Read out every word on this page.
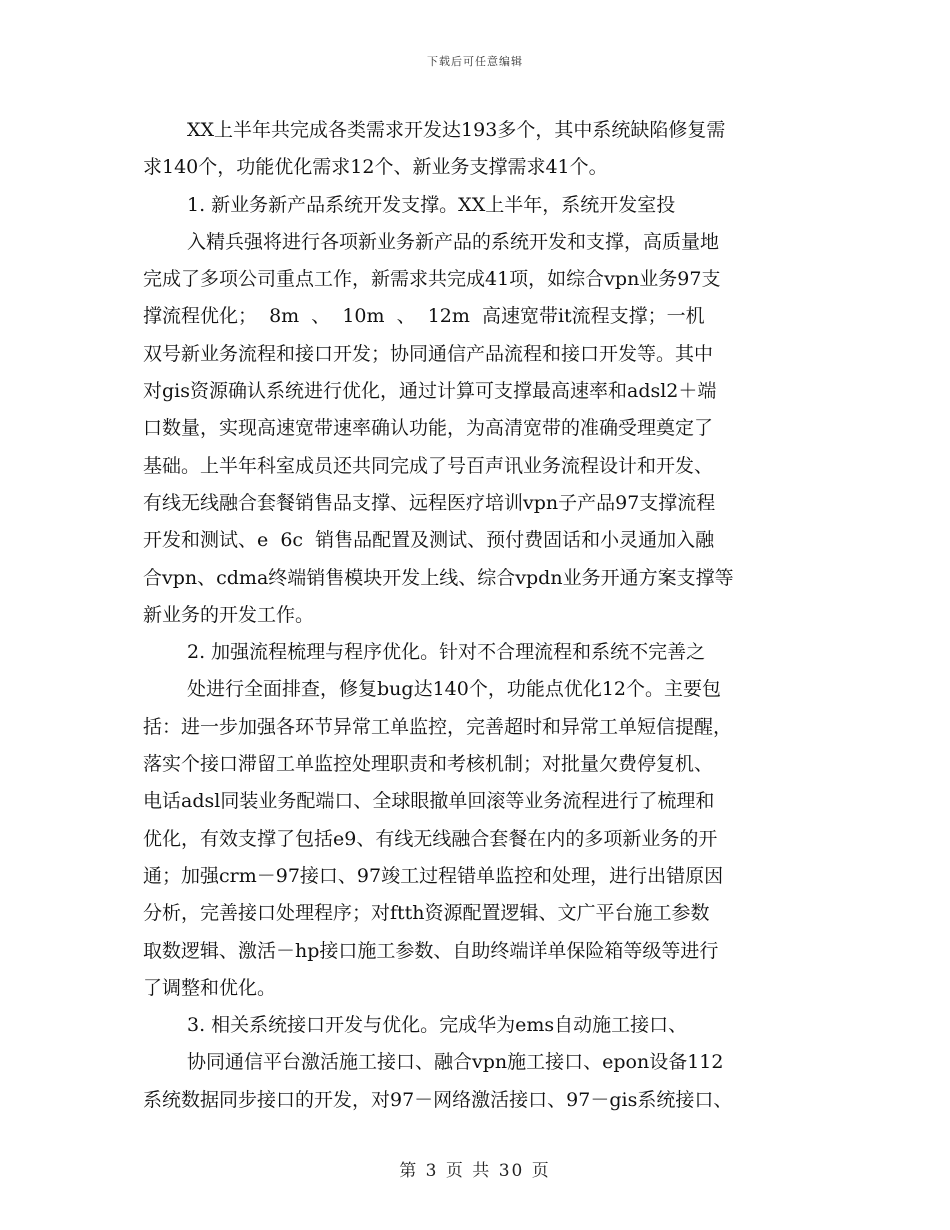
下载后可任意编辑
XX上半年共完成各类需求开发达193多个，其中系统缺陷修复需
求140个，功能优化需求12个、新业务支撑需求41个。
1. 新业务新产品系统开发支撑。XX上半年，系统开发室投
入精兵强将进行各项新业务新产品的系统开发和支撑，高质量地
完成了多项公司重点工作，新需求共完成41项，如综合vpn业务97支
撑流程优化；  8m  、  10m  、  12m  高速宽带it流程支撑；一机
双号新业务流程和接口开发；协同通信产品流程和接口开发等。其中
对gis资源确认系统进行优化，通过计算可支撑最高速率和adsl2＋端
口数量，实现高速宽带速率确认功能，为高清宽带的准确受理奠定了
基础。上半年科室成员还共同完成了号百声讯业务流程设计和开发、
有线无线融合套餐销售品支撑、远程医疗培训vpn子产品97支撑流程
开发和测试、e  6c  销售品配置及测试、预付费固话和小灵通加入融
合vpn、cdma终端销售模块开发上线、综合vpdn业务开通方案支撑等
新业务的开发工作。
2. 加强流程梳理与程序优化。针对不合理流程和系统不完善之
处进行全面排查，修复bug达140个，功能点优化12个。主要包
括：进一步加强各环节异常工单监控，完善超时和异常工单短信提醒，
落实个接口滞留工单监控处理职责和考核机制；对批量欠费停复机、
电话adsl同装业务配端口、全球眼撤单回滚等业务流程进行了梳理和
优化，有效支撑了包括e9、有线无线融合套餐在内的多项新业务的开
通；加强crm－97接口、97竣工过程错单监控和处理，进行出错原因
分析，完善接口处理程序；对ftth资源配置逻辑、文广平台施工参数
取数逻辑、激活－hp接口施工参数、自助终端详单保险箱等级等进行
了调整和优化。
3. 相关系统接口开发与优化。完成华为ems自动施工接口、
协同通信平台激活施工接口、融合vpn施工接口、epon设备112
系统数据同步接口的开发，对97－网络激活接口、97－gis系统接口、
第 3 页 共 30 页
